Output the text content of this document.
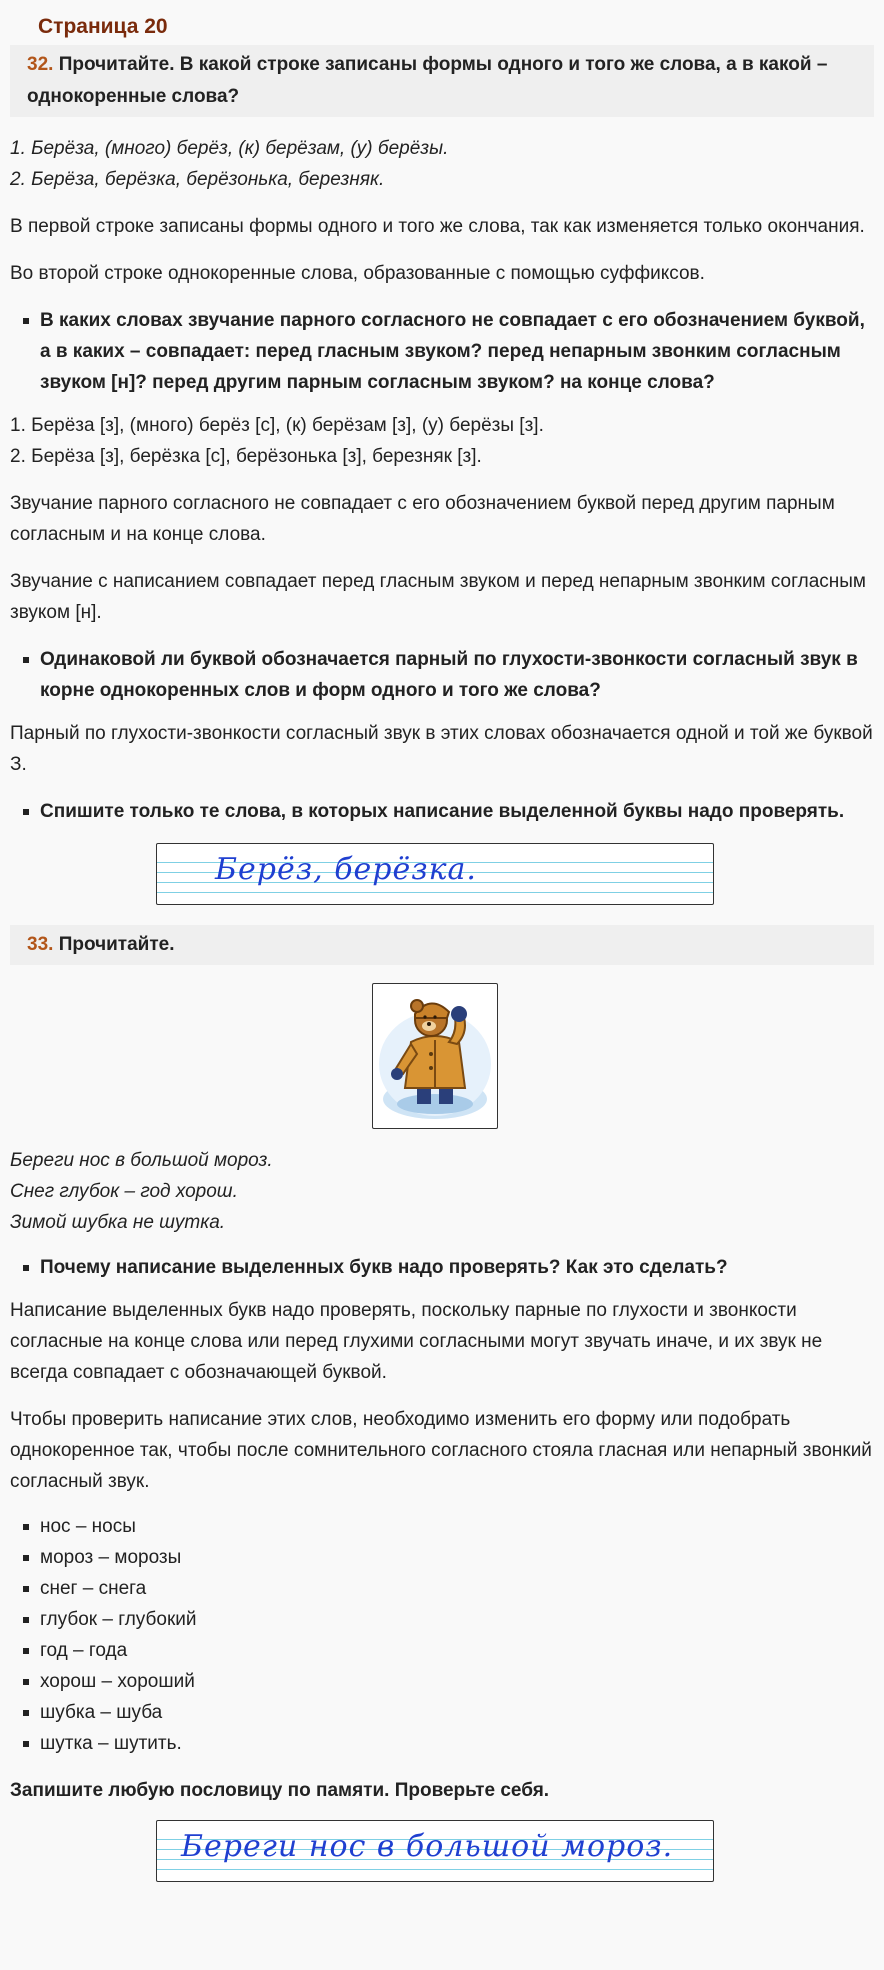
Страница 20
32. Прочитайте. В какой строке записаны формы одного и того же слова, а в какой – однокоренные слова?

1. Берёза, (много) берёз, (к) берёзам, (у) берёзы.

2. Берёза, берёзка, берёзонька, березняк.

В первой строке записаны формы одного и того же слова, так как изменяется только окончания.

Во второй строке однокоренные слова, образованные с помощью суффиксов.

В каких словах звучание парного согласного не совпадает с его обозначением буквой, а в каких – совпадает: перед гласным звуком? перед непарным звонким согласным звуком [н]? перед другим парным согласным звуком? на конце слова?

1. Берёза [з], (много) берёз [с], (к) берёзам [з], (у) берёзы [з].

2. Берёза [з], берёзка [с], берёзонька [з], березняк [з].

Звучание парного согласного не совпадает с его обозначением буквой перед другим парным согласным и на конце слова.

Звучание с написанием совпадает перед гласным звуком и перед непарным звонким согласным звуком [н].

Одинаковой ли буквой обозначается парный по глухости-звонкости согласный звук в корне однокоренных слов и форм одного и того же слова?

Парный по глухости-звонкости согласный звук в этих словах обозначается одной и той же буквой З.

Спишите только те слова, в которых написание выделенной буквы надо проверять.
Берёз, берёзка.
33. Прочитайте.

Береги нос в большой мороз.

Снег глубок – год хорош.

Зимой шубка не шутка.

Почему написание выделенных букв надо проверять? Как это сделать?

Написание выделенных букв надо проверять, поскольку парные по глухости и звонкости согласные на конце слова или перед глухими согласными могут звучать иначе, и их звук не всегда совпадает с обозначающей буквой.

Чтобы проверить написание этих слов, необходимо изменить его форму или подобрать однокоренное так, чтобы после сомнительного согласного стояла гласная или непарный звонкий согласный звук.

нос – носы
мороз – морозы
снег – снега
глубок – глубокий
год – года
хорош – хороший
шубка – шуба
шутка – шутить.

Запишите любую пословицу по памяти. Проверьте себя.

Береги нос в большой мороз.
